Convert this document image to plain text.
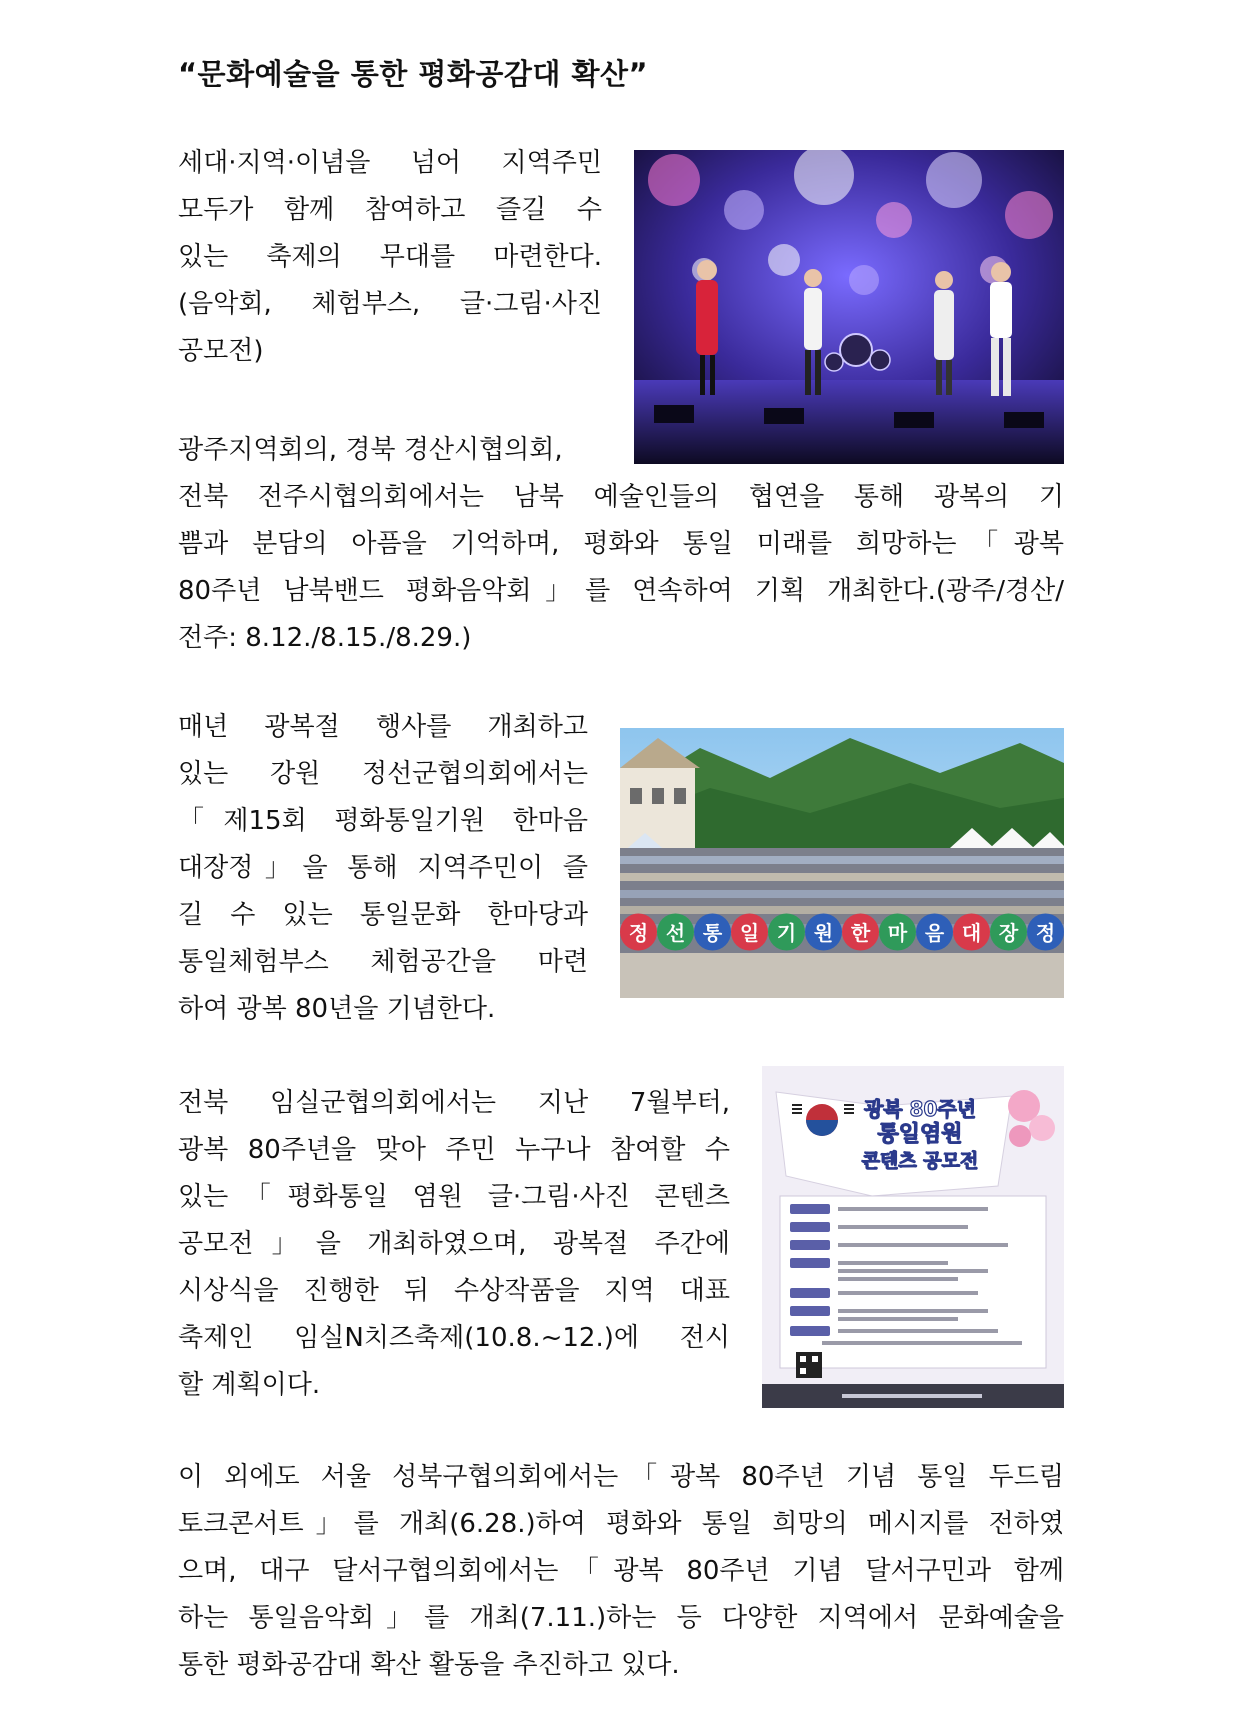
“문화예술을 통한 평화공감대 확산”
세대·지역·이념을 넘어 지역주민
모두가 함께 참여하고 즐길 수
있는 축제의 무대를 마련한다.
(음악회, 체험부스, 글·그림·사진
공모전)
광주지역회의, 경북 경산시협의회,
전북 전주시협의회에서는 남북 예술인들의 협연을 통해 광복의 기
쁨과 분담의 아픔을 기억하며, 평화와 통일 미래를 희망하는「광복
80주년 남북밴드 평화음악회」를 연속하여 기획 개최한다.(광주/경산/
전주: 8.12./8.15./8.29.)
매년 광복절 행사를 개최하고
있는 강원 정선군협의회에서는
「제15회 평화통일기원 한마음
대장정」을 통해 지역주민이 즐
길 수 있는 통일문화 한마당과
통일체험부스 체험공간을 마련
하여 광복 80년을 기념한다.
정 선 통 일 기 원 한 마 음 대 장 정
전북 임실군협의회에서는 지난 7월부터,
광복 80주년을 맞아 주민 누구나 참여할 수
있는「평화통일 염원 글·그림·사진 콘텐츠
공모전」을 개최하였으며, 광복절 주간에
시상식을 진행한 뒤 수상작품을 지역 대표
축제인 임실N치즈축제(10.8.~12.)에 전시
할 계획이다.
광복 80주년
통일염원
콘텐츠 공모전
이 외에도 서울 성북구협의회에서는「광복 80주년 기념 통일 두드림
토크콘서트」를 개최(6.28.)하여 평화와 통일 희망의 메시지를 전하였
으며, 대구 달서구협의회에서는「광복 80주년 기념 달서구민과 함께
하는 통일음악회」를 개최(7.11.)하는 등 다양한 지역에서 문화예술을
통한 평화공감대 확산 활동을 추진하고 있다.
